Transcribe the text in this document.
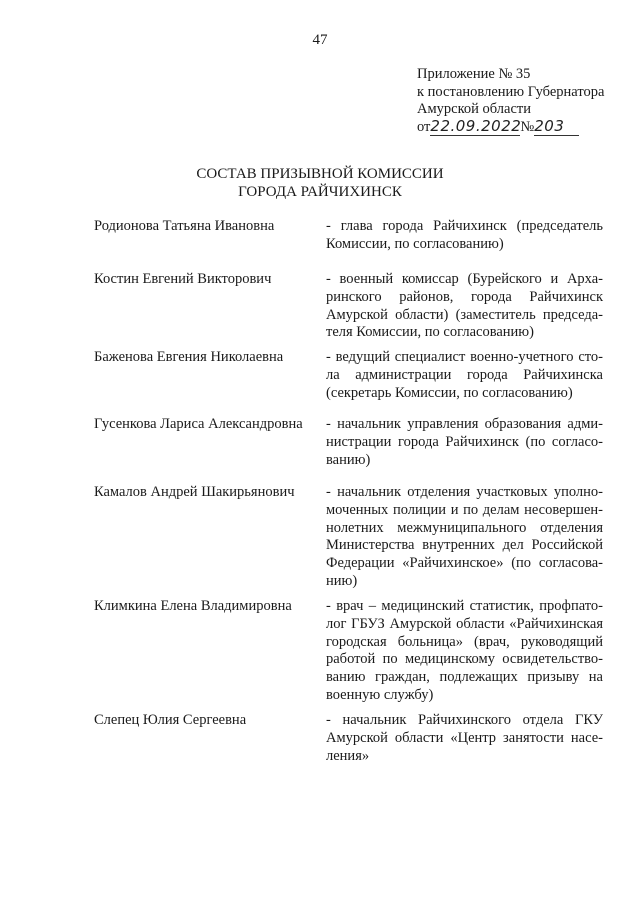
47
Приложение № 35
к постановлению Губернатора
Амурской области
от22.09.2022№203
СОСТАВ ПРИЗЫВНОЙ КОМИССИИ
ГОРОДА РАЙЧИХИНСК
Родионова Татьяна Ивановна	- глава города Райчихинск (председатель
Комиссии, по согласованию)
Костин Евгений Викторович	- военный комиссар (Бурейского и Арха-
ринского районов, города Райчихинск
Амурской области) (заместитель председа-
теля Комиссии, по согласованию)
Баженова Евгения Николаевна	- ведущий специалист военно-учетного сто-
ла администрации города Райчихинска
(секретарь Комиссии, по согласованию)
Гусенкова Лариса Александровна - начальник управления образования адми-
нистрации города Райчихинск (по согласо-
ванию)
Камалов Андрей Шакирьянович - начальник отделения участковых уполно-
моченных полиции и по делам несовершен-
нолетних межмуниципального отделения
Министерства внутренних дел Российской
Федерации «Райчихинское» (по согласова-
нию)
Климкина Елена Владимировна - врач – медицинский статистик, профпато-
лог ГБУЗ Амурской области «Райчихинская
городская больница» (врач, руководящий
работой по медицинскому освидетельство-
ванию граждан, подлежащих призыву на
военную службу)
Слепец Юлия Сергеевна	- начальник Райчихинского отдела ГКУ
Амурской области «Центр занятости насе-
ления»
